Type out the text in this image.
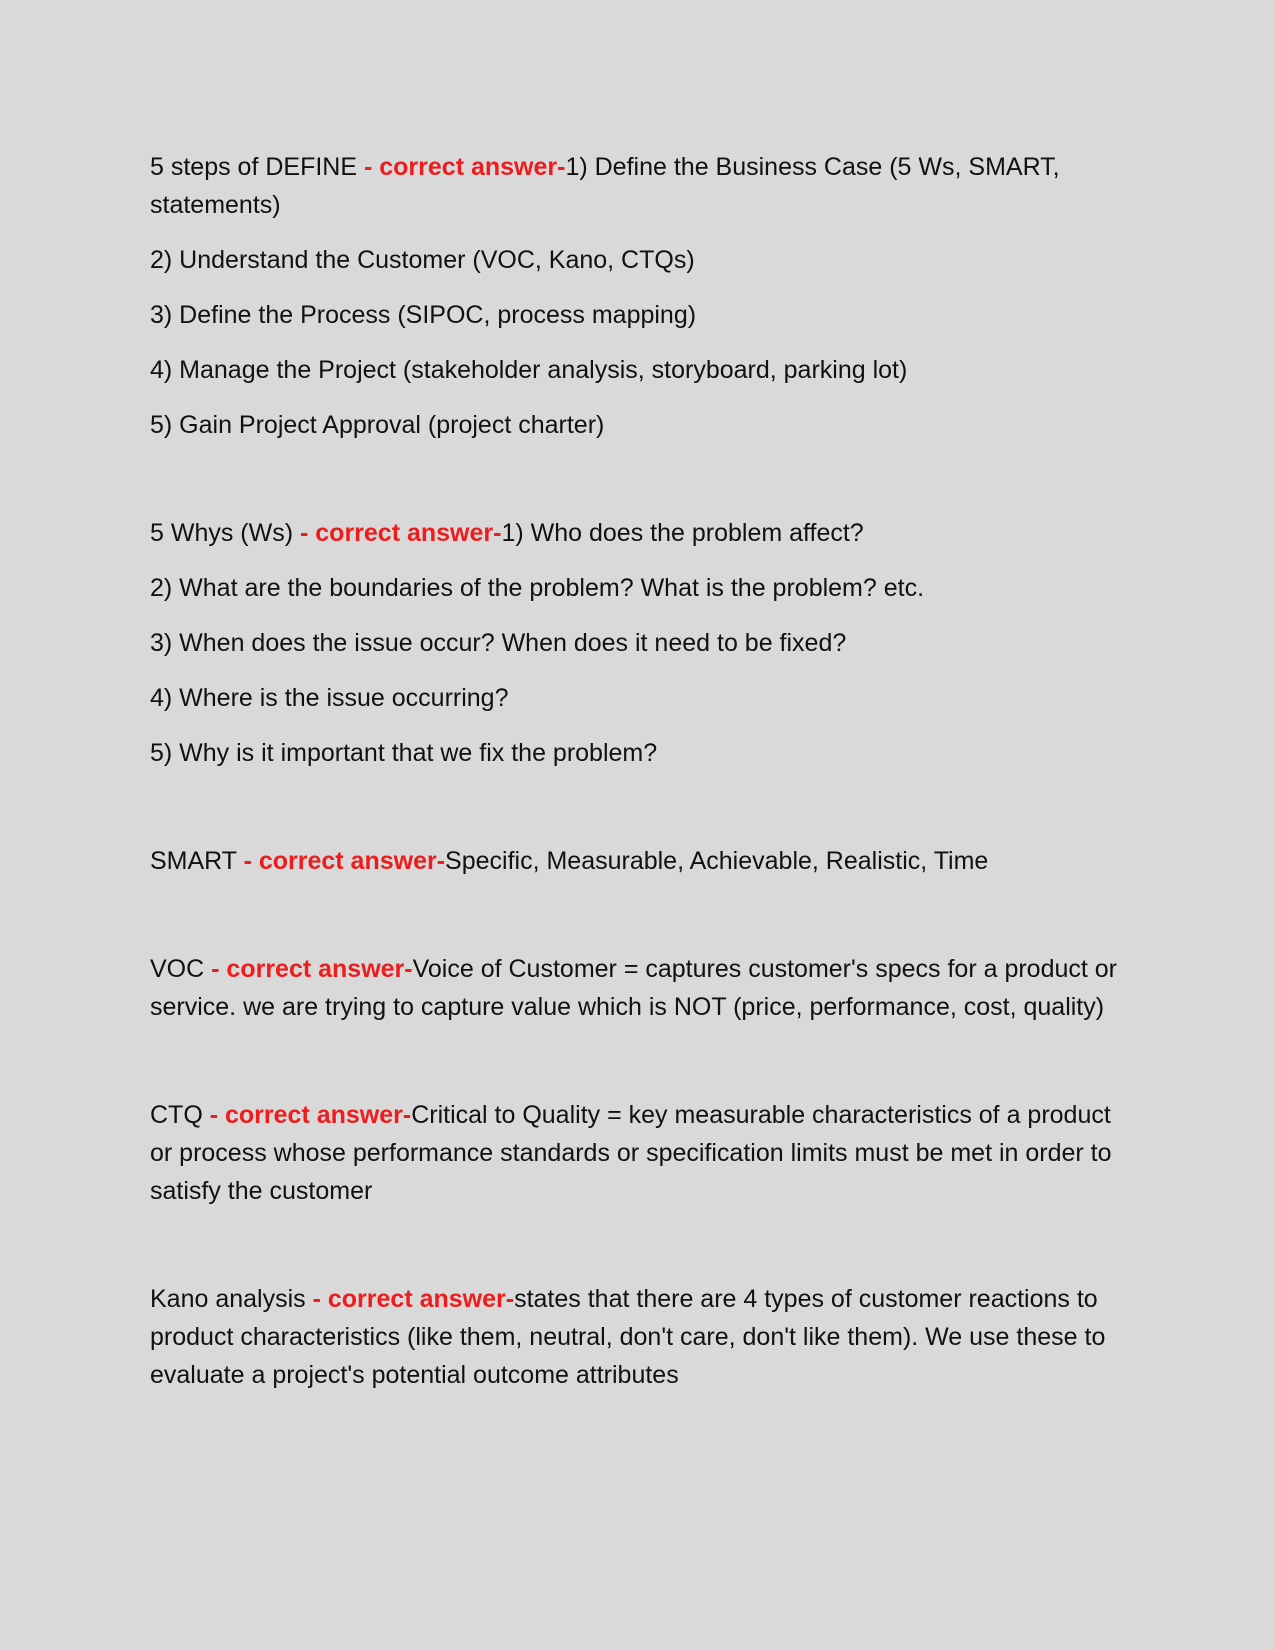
5 steps of DEFINE - correct answer-1) Define the Business Case (5 Ws, SMART, statements)

2) Understand the Customer (VOC, Kano, CTQs)

3) Define the Process (SIPOC, process mapping)

4) Manage the Project (stakeholder analysis, storyboard, parking lot)

5) Gain Project Approval (project charter)

5 Whys (Ws) - correct answer-1) Who does the problem affect?

2) What are the boundaries of the problem? What is the problem? etc.

3) When does the issue occur? When does it need to be fixed?

4) Where is the issue occurring?

5) Why is it important that we fix the problem?

SMART - correct answer-Specific, Measurable, Achievable, Realistic, Time

VOC - correct answer-Voice of Customer = captures customer's specs for a product or service. we are trying to capture value which is NOT (price, performance, cost, quality)

CTQ - correct answer-Critical to Quality = key measurable characteristics of a product or process whose performance standards or specification limits must be met in order to satisfy the customer

Kano analysis - correct answer-states that there are 4 types of customer reactions to product characteristics (like them, neutral, don't care, don't like them). We use these to evaluate a project's potential outcome attributes
